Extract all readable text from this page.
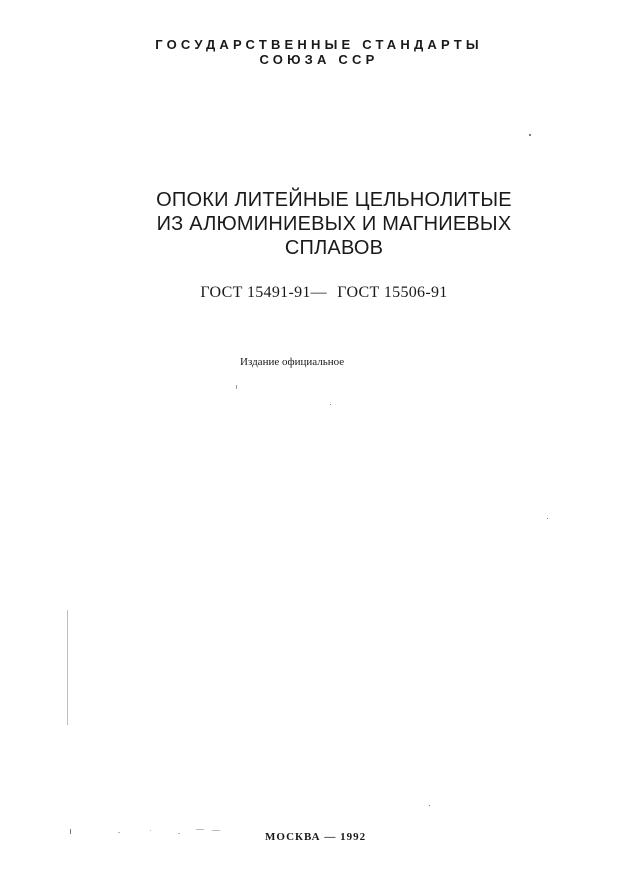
ГОСУДАРСТВЕННЫЕ СТАНДАРТЫ
СОЮЗА ССР
ОПОКИ ЛИТЕЙНЫЕ ЦЕЛЬНОЛИТЫЕ
ИЗ АЛЮМИНИЕВЫХ И МАГНИЕВЫХ
СПЛАВОВ
ГОСТ 15491-91— ГОСТ 15506-91
Издание официальное
МОСКВА — 1992
